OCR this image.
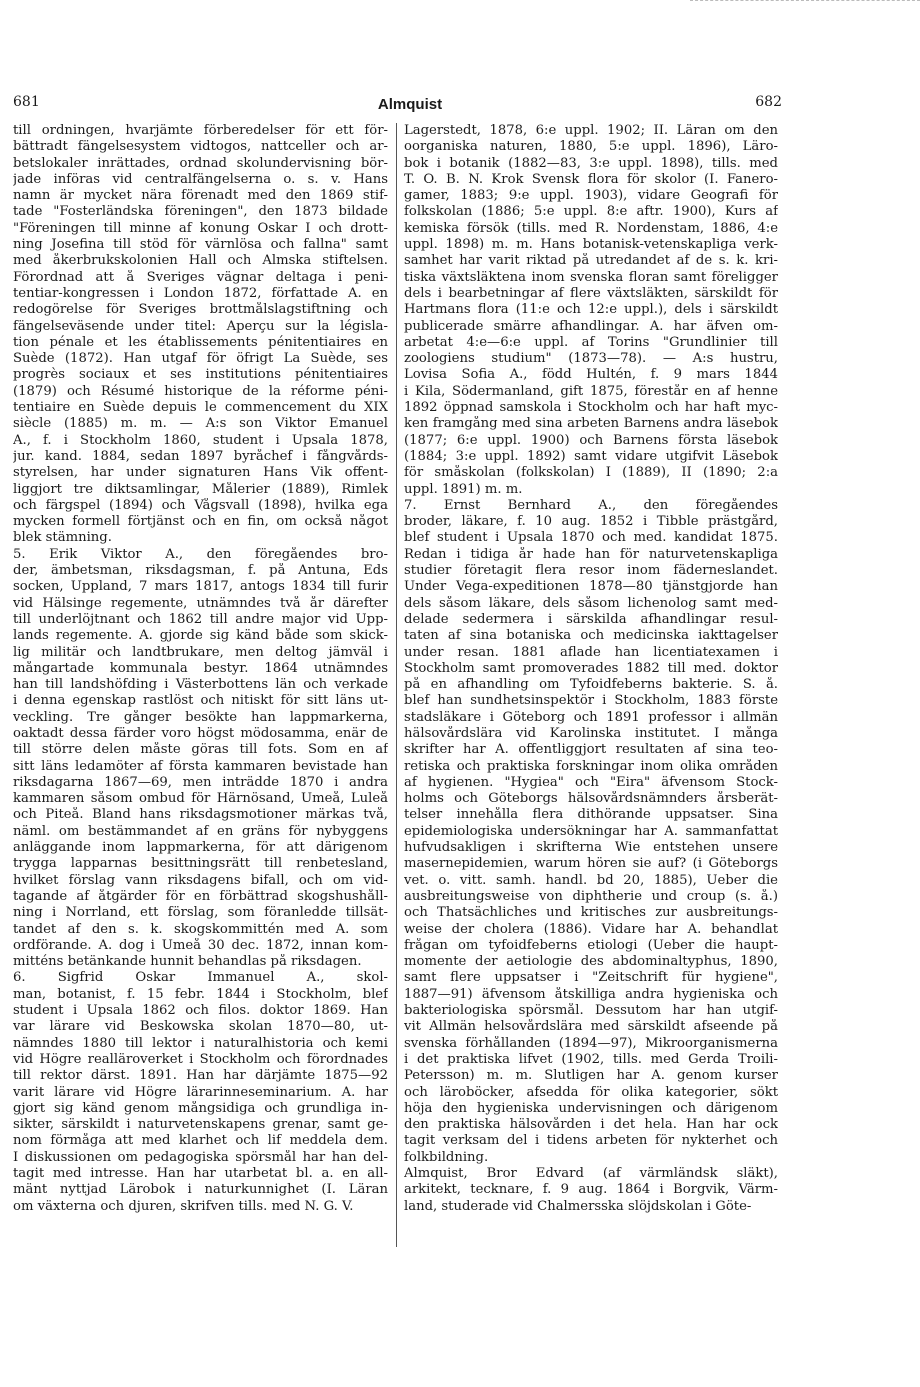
681	Almquist	682
till ordningen, hvarjämte förberedelser för ett för-
bättradt fängelsesystem vidtogos, nattceller och ar-
betslokaler inrättades, ordnad skolundervisning bör-
jade införas vid centralfängelserna o. s. v. Hans
namn är mycket nära förenadt med den 1869 stif-
tade "Fosterländska föreningen", den 1873 bildade
"Föreningen till minne af konung Oskar I och drott-
ning Josefina till stöd för värnlösa och fallna" samt
med åkerbrukskolonien Hall och Almska stiftelsen.
Förordnad att å Sveriges vägnar deltaga i peni-
tentiar-kongressen i London 1872, författade A. en
redogörelse för Sveriges brottmålslagstiftning och
fängelseväsende under titel: Aperçu sur la législa-
tion pénale et les établissements pénitentiaires en
Suède (1872). Han utgaf för öfrigt La Suède, ses
progrès sociaux et ses institutions pénitentiaires
(1879) och Résumé historique de la réforme péni-
tentiaire en Suède depuis le commencement du XIX
siècle (1885) m. m. — A:s son Viktor Emanuel
A., f. i Stockholm 1860, student i Upsala 1878,
jur. kand. 1884, sedan 1897 byråchef i fångvårds-
styrelsen, har under signaturen Hans Vik offent-
liggjort tre diktsamlingar, Målerier (1889), Rimlek
och färgspel (1894) och Vågsvall (1898), hvilka ega
mycken formell förtjänst och en fin, om också något
blek stämning.
5. Erik Viktor A., den föregåendes bro-
der, ämbetsman, riksdagsman, f. på Antuna, Eds
socken, Uppland, 7 mars 1817, antogs 1834 till furir
vid Hälsinge regemente, utnämndes två år därefter
till underlöjtnant och 1862 till andre major vid Upp-
lands regemente. A. gjorde sig känd både som skick-
lig militär och landtbrukare, men deltog jämväl i
mångartade kommunala bestyr. 1864 utnämndes
han till landshöfding i Västerbottens län och verkade
i denna egenskap rastlöst och nitiskt för sitt läns ut-
veckling. Tre gånger besökte han lappmarkerna,
oaktadt dessa färder voro högst mödosamma, enär de
till större delen måste göras till fots. Som en af
sitt läns ledamöter af första kammaren bevistade han
riksdagarna 1867—69, men inträdde 1870 i andra
kammaren såsom ombud för Härnösand, Umeå, Luleå
och Piteå. Bland hans riksdagsmotioner märkas två,
näml. om bestämmandet af en gräns för nybyggens
anläggande inom lappmarkerna, för att därigenom
trygga lapparnas besittningsrätt till renbetesland,
hvilket förslag vann riksdagens bifall, och om vid-
tagande af åtgärder för en förbättrad skogshushåll-
ning i Norrland, ett förslag, som föranledde tillsät-
tandet af den s. k. skogskommittén med A. som
ordförande. A. dog i Umeå 30 dec. 1872, innan kom-
mitténs betänkande hunnit behandlas på riksdagen.
6. Sigfrid Oskar Immanuel A., skol-
man, botanist, f. 15 febr. 1844 i Stockholm, blef
student i Upsala 1862 och filos. doktor 1869. Han
var lärare vid Beskowska skolan 1870—80, ut-
nämndes 1880 till lektor i naturalhistoria och kemi
vid Högre realläroverket i Stockholm och förordnades
till rektor därst. 1891. Han har därjämte 1875—92
varit lärare vid Högre lärarinneseminarium. A. har
gjort sig känd genom mångsidiga och grundliga in-
sikter, särskildt i naturvetenskapens grenar, samt ge-
nom förmåga att med klarhet och lif meddela dem.
I diskussionen om pedagogiska spörsmål har han del-
tagit med intresse. Han har utarbetat bl. a. en all-
mänt nyttjad Lärobok i naturkunnighet (I. Läran
om växterna och djuren, skrifven tills. med N. G. V.
Lagerstedt, 1878, 6:e uppl. 1902; II. Läran om den
oorganiska naturen, 1880, 5:e uppl. 1896), Läro-
bok i botanik (1882—83, 3:e uppl. 1898), tills. med
T. O. B. N. Krok Svensk flora för skolor (I. Fanero-
gamer, 1883; 9:e uppl. 1903), vidare Geografi för
folkskolan (1886; 5:e uppl. 8:e aftr. 1900), Kurs af
kemiska försök (tills. med R. Nordenstam, 1886, 4:e
uppl. 1898) m. m. Hans botanisk-vetenskapliga verk-
samhet har varit riktad på utredandet af de s. k. kri-
tiska växtsläktena inom svenska floran samt föreligger
dels i bearbetningar af flere växtsläkten, särskildt för
Hartmans flora (11:e och 12:e uppl.), dels i särskildt
publicerade smärre afhandlingar. A. har äfven om-
arbetat 4:e—6:e uppl. af Torins "Grundlinier till
zoologiens studium" (1873—78). — A:s hustru,
Lovisa Sofia A., född Hultén, f. 9 mars 1844
i Kila, Södermanland, gift 1875, förestår en af henne
1892 öppnad samskola i Stockholm och har haft myc-
ken framgång med sina arbeten Barnens andra läsebok
(1877; 6:e uppl. 1900) och Barnens första läsebok
(1884; 3:e uppl. 1892) samt vidare utgifvit Läsebok
för småskolan (folkskolan) I (1889), II (1890; 2:a
uppl. 1891) m. m.
7. Ernst Bernhard A., den föregåendes
broder, läkare, f. 10 aug. 1852 i Tibble prästgård,
blef student i Upsala 1870 och med. kandidat 1875.
Redan i tidiga år hade han för naturvetenskapliga
studier företagit flera resor inom fäderneslandet.
Under Vega-expeditionen 1878—80 tjänstgjorde han
dels såsom läkare, dels såsom lichenolog samt med-
delade sedermera i särskilda afhandlingar resul-
taten af sina botaniska och medicinska iakttagelser
under resan. 1881 aflade han licentiatexamen i
Stockholm samt promoverades 1882 till med. doktor
på en afhandling om Tyfoidfeberns bakterie. S. å.
blef han sundhetsinspektör i Stockholm, 1883 förste
stadsläkare i Göteborg och 1891 professor i allmän
hälsovårdslära vid Karolinska institutet. I många
skrifter har A. offentliggjort resultaten af sina teo-
retiska och praktiska forskningar inom olika områden
af hygienen. "Hygiea" och "Eira" äfvensom Stock-
holms och Göteborgs hälsovårdsnämnders årsberät-
telser innehålla flera dithörande uppsatser. Sina
epidemiologiska undersökningar har A. sammanfattat
hufvudsakligen i skrifterna Wie entstehen unsere
masernepidemien, warum hören sie auf? (i Göteborgs
vet. o. vitt. samh. handl. bd 20, 1885), Ueber die
ausbreitungsweise von diphtherie und croup (s. å.)
och Thatsächliches und kritisches zur ausbreitungs-
weise der cholera (1886). Vidare har A. behandlat
frågan om tyfoidfeberns etiologi (Ueber die haupt-
momente der aetiologie des abdominaltyphus, 1890,
samt flere uppsatser i "Zeitschrift für hygiene",
1887—91) äfvensom åtskilliga andra hygieniska och
bakteriologiska spörsmål. Dessutom har han utgif-
vit Allmän helsovårdslära med särskildt afseende på
svenska förhållanden (1894—97), Mikroorganismerna
i det praktiska lifvet (1902, tills. med Gerda Troili-
Petersson) m. m. Slutligen har A. genom kurser
och läroböcker, afsedda för olika kategorier, sökt
höja den hygieniska undervisningen och därigenom
den praktiska hälsovården i det hela. Han har ock
tagit verksam del i tidens arbeten för nykterhet och
folkbildning.
Almquist, Bror Edvard (af värmländsk släkt),
arkitekt, tecknare, f. 9 aug. 1864 i Borgvik, Värm-
land, studerade vid Chalmersska slöjdskolan i Göte-
